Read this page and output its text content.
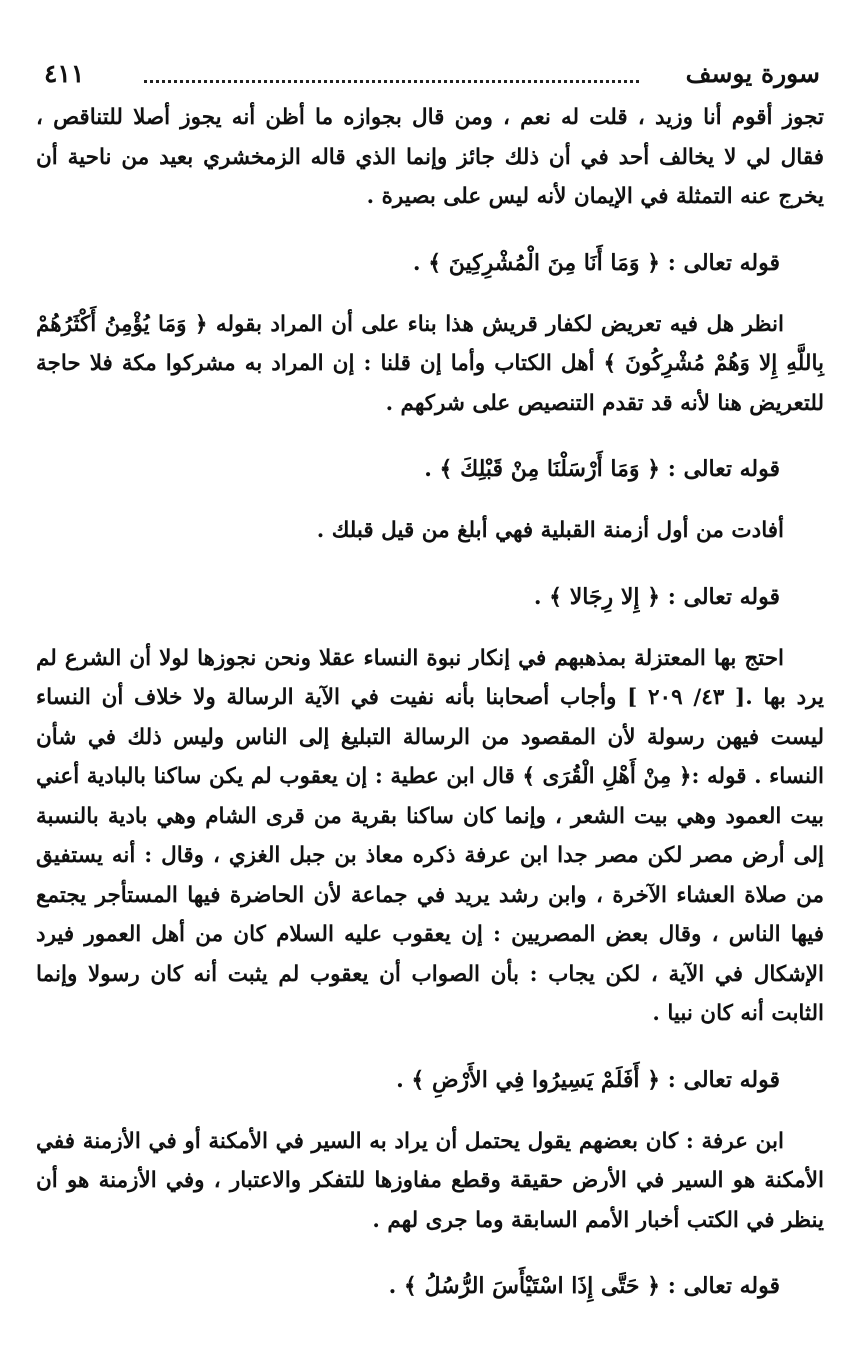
سورة يوسف
٤١١

تجوز أقوم أنا وزيد ، قلت له نعم ، ومن قال بجوازه ما أظن أنه يجوز أصلا للتناقص ، فقال لي لا يخالف أحد في أن ذلك جائز وإنما الذي قاله الزمخشري بعيد من ناحية أن يخرج عنه التمثلة في الإيمان لأنه ليس على بصيرة .

قوله تعالى : ﴿ وَمَا أَنَا مِنَ الْمُشْرِكِينَ ﴾ .

انظر هل فيه تعريض لكفار قريش هذا بناء على أن المراد بقوله ﴿ وَمَا يُؤْمِنُ أَكْثَرُهُمْ بِاللَّهِ إِلا وَهُمْ مُشْرِكُونَ ﴾ أهل الكتاب وأما إن قلنا : إن المراد به مشركوا مكة فلا حاجة للتعريض هنا لأنه قد تقدم التنصيص على شركهم .

قوله تعالى : ﴿ وَمَا أَرْسَلْنَا مِنْ قَبْلِكَ ﴾ .

أفادت من أول أزمنة القبلية فهي أبلغ من قيل قبلك .

قوله تعالى : ﴿ إِلا رِجَالا ﴾ .

احتج بها المعتزلة بمذهبهم في إنكار نبوة النساء عقلا ونحن نجوزها لولا أن الشرع لم يرد بها .[ ٤٣/ ٢٠٩ ] وأجاب أصحابنا بأنه نفيت في الآية الرسالة ولا خلاف أن النساء ليست فيهن رسولة لأن المقصود من الرسالة التبليغ إلى الناس وليس ذلك في شأن النساء . قوله :﴿ مِنْ أَهْلِ الْقُرَى ﴾ قال ابن عطية : إن يعقوب لم يكن ساكنا بالبادية أعني بيت العمود وهي بيت الشعر ، وإنما كان ساكنا بقرية من قرى الشام وهي بادية بالنسبة إلى أرض مصر لكن مصر جدا ابن عرفة ذكره معاذ بن جبل الغزي ، وقال : أنه يستفيق من صلاة العشاء الآخرة ، وابن رشد يريد في جماعة لأن الحاضرة فيها المستأجر يجتمع فيها الناس ، وقال بعض المصريين : إن يعقوب عليه السلام كان من أهل العمور فيرد الإشكال في الآية ، لكن يجاب : بأن الصواب أن يعقوب لم يثبت أنه كان رسولا وإنما الثابت أنه كان نبيا .

قوله تعالى : ﴿ أَفَلَمْ يَسِيرُوا فِي الأَرْضِ ﴾ .

ابن عرفة : كان بعضهم يقول يحتمل أن يراد به السير في الأمكنة أو في الأزمنة ففي الأمكنة هو السير في الأرض حقيقة وقطع مفاوزها للتفكر والاعتبار ، وفي الأزمنة هو أن ينظر في الكتب أخبار الأمم السابقة وما جرى لهم .

قوله تعالى : ﴿ حَتَّى إِذَا اسْتَيْأَسَ الرُّسُلُ ﴾ .
